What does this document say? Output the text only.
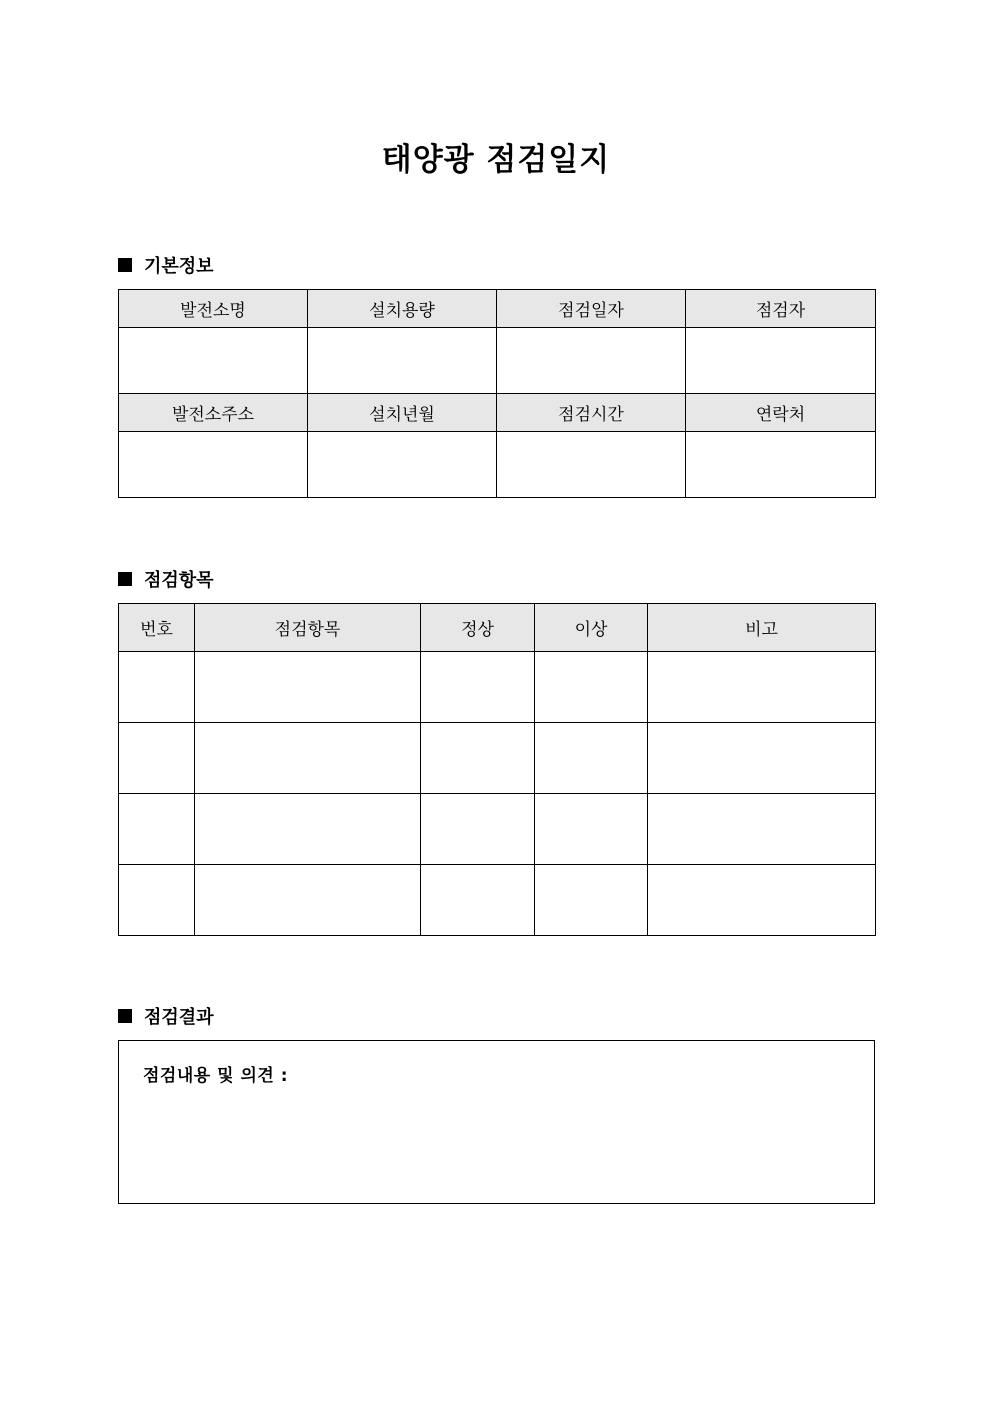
태양광 점검일지
기본정보
발전소명	설치용량	점검일자	점검자

발전소주소	설치년월	점검시간	연락처

점검항목
번호	점검항목	정상	이상	비고

점검결과
점검내용 및 의견 :
